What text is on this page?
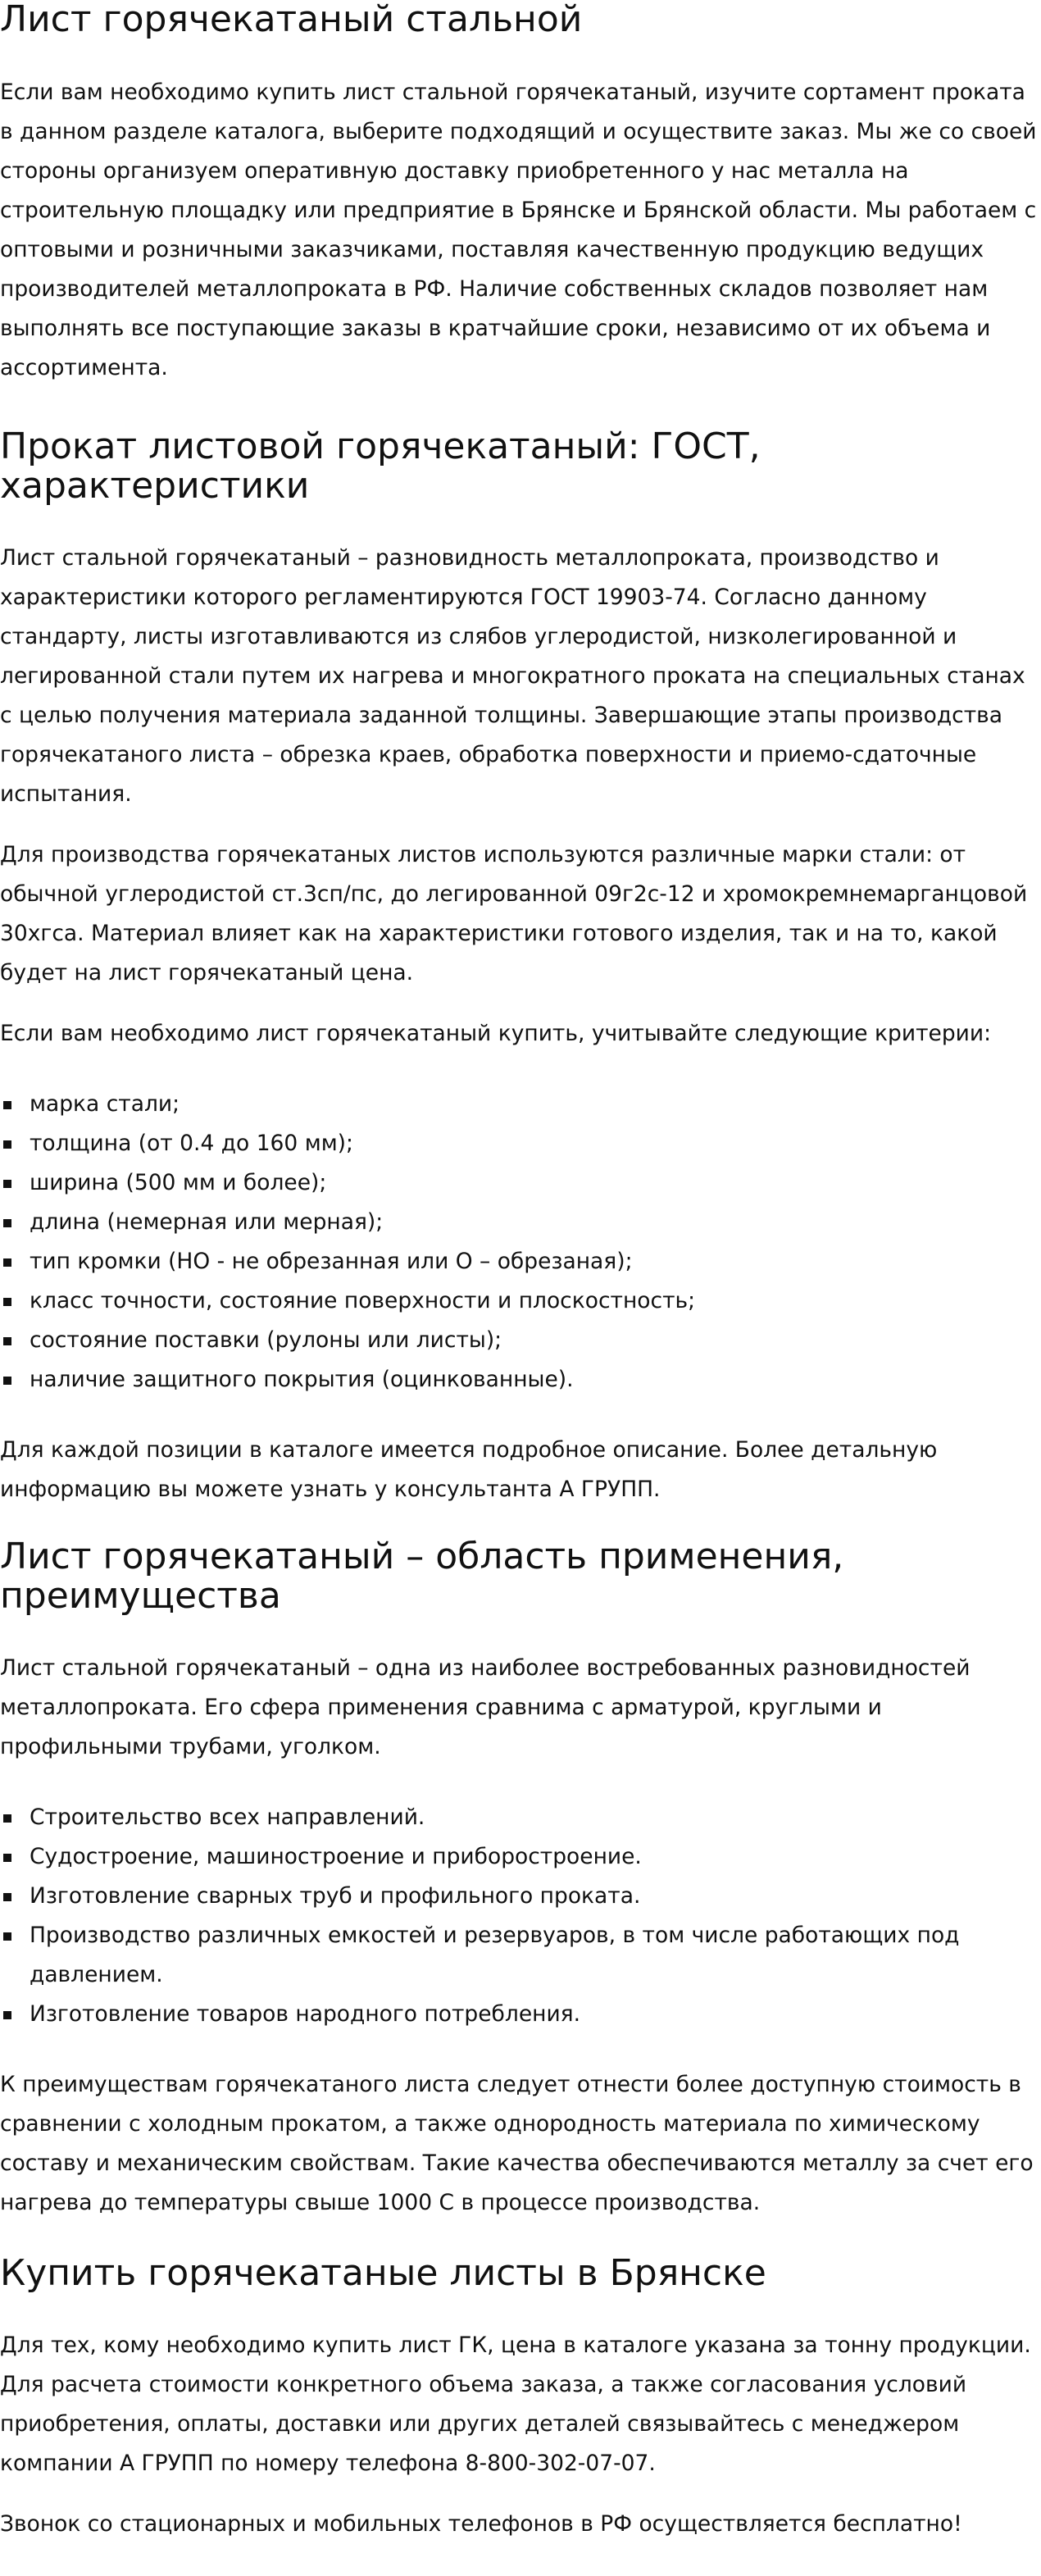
Лист горячекатаный стальной

Если вам необходимо купить лист стальной горячекатаный, изучите сортамент проката в данном разделе каталога, выберите подходящий и осуществите заказ. Мы же со своей стороны организуем оперативную доставку приобретенного у нас металла на строительную площадку или предприятие в Брянске и Брянской области. Мы работаем с оптовыми и розничными заказчиками, поставляя качественную продукцию ведущих производителей металлопроката в РФ. Наличие собственных складов позволяет нам выполнять все поступающие заказы в кратчайшие сроки, независимо от их объема и ассортимента.

Прокат листовой горячекатаный: ГОСТ, характеристики

Лист стальной горячекатаный – разновидность металлопроката, производство и характеристики которого регламентируются ГОСТ 19903-74. Согласно данному стандарту, листы изготавливаются из слябов углеродистой, низколегированной и легированной стали путем их нагрева и многократного проката на специальных станах с целью получения материала заданной толщины. Завершающие этапы производства горячекатаного листа – обрезка краев, обработка поверхности и приемо-сдаточные испытания.

Для производства горячекатаных листов используются различные марки стали: от обычной углеродистой ст.3сп/пс, до легированной 09г2с-12 и хромокремнемарганцовой 30хгса. Материал влияет как на характеристики готового изделия, так и на то, какой будет на лист горячекатаный цена.

Если вам необходимо лист горячекатаный купить, учитывайте следующие критерии:

марка стали;
толщина (от 0.4 до 160 мм);
ширина (500 мм и более);
длина (немерная или мерная);
тип кромки (НО - не обрезанная или О – обрезаная);
класс точности, состояние поверхности и плоскостность;
состояние поставки (рулоны или листы);
наличие защитного покрытия (оцинкованные).

Для каждой позиции в каталоге имеется подробное описание. Более детальную информацию вы можете узнать у консультанта А ГРУПП.

Лист горячекатаный – область применения, преимущества

Лист стальной горячекатаный – одна из наиболее востребованных разновидностей металлопроката. Его сфера применения сравнима с арматурой, круглыми и профильными трубами, уголком.

Строительство всех направлений.
Судостроение, машиностроение и приборостроение.
Изготовление сварных труб и профильного проката.
Производство различных емкостей и резервуаров, в том числе работающих под давлением.
Изготовление товаров народного потребления.

К преимуществам горячекатаного листа следует отнести более доступную стоимость в сравнении с холодным прокатом, а также однородность материала по химическому составу и механическим свойствам. Такие качества обеспечиваются металлу за счет его нагрева до температуры свыше 1000 С в процессе производства.

Купить горячекатаные листы в Брянске

Для тех, кому необходимо купить лист ГК, цена в каталоге указана за тонну продукции. Для расчета стоимости конкретного объема заказа, а также согласования условий приобретения, оплаты, доставки или других деталей связывайтесь с менеджером компании А ГРУПП по номеру телефона 8-800-302-07-07.

Звонок со стационарных и мобильных телефонов в РФ осуществляется бесплатно!
